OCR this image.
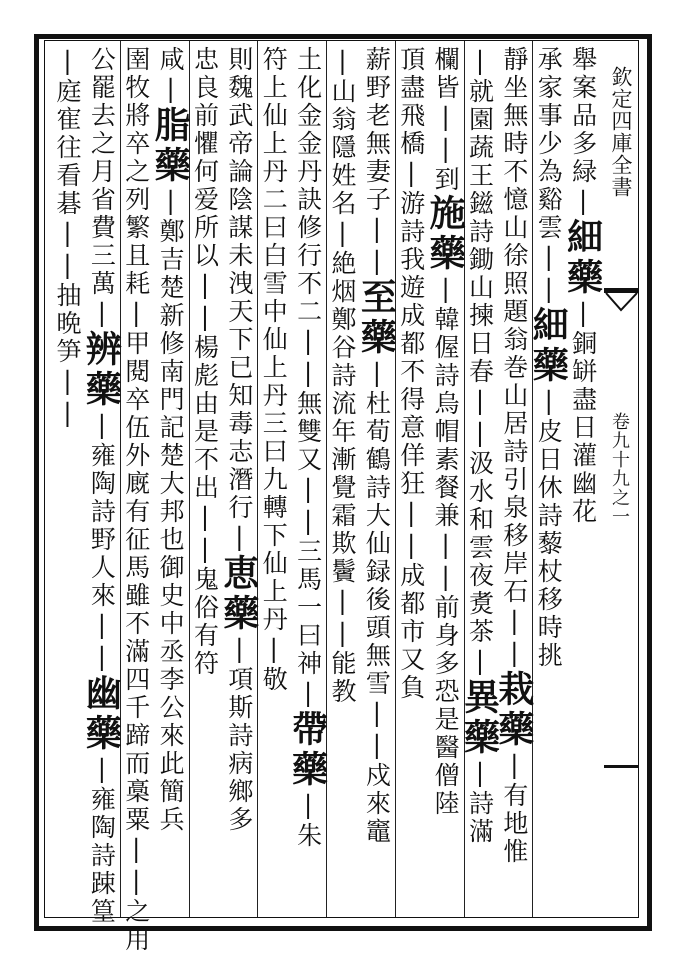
欽定四庫全書
卷九十九之一
舉案品多緑|細藥|銅缾盡日灌幽花
承家事少為谿雲||細藥|皮日休詩藜杖移時挑
靜坐無時不憶山徐照題翁巻山居詩引泉移岸石||栽藥|有地惟
|就園蔬王鎡詩鋤山揀日春||汲水和雲夜煑茶|異藥|詩滿
欄皆||到施藥|韓偓詩烏帽素餐兼||前身多恐是醫僧陸
頂盡飛橋|游詩我遊成都不得意佯狂||成都市又負
薪野老無妻子||至藥|杜荀鶴詩大仙録後頭無雪||戍來竈
|山翁隱姓名|絶烟鄭谷詩流年漸覺霜欺鬢||能教
土化金金丹訣修行不二||無雙又||三馬一曰神|帶藥|朱
符上仙上丹二曰白雪中仙上丹三曰九轉下仙上丹|敬
則魏武帝論陰謀未洩天下已知毒志潛行|恵藥|項斯詩病鄉多
忠良前懼何爱所以||楊彪由是不出||鬼俗有符
咸|脂藥|鄭吉楚新修南門記楚大邦也御史中丞李公來此簡兵
圉牧將卒之列繁且耗|甲閱卒伍外廐有征馬雖不滿四千蹄而槀粟||之用
公罷去之月省費三萬|辨藥|雍陶詩野人來||幽藥|雍陶詩踈篁
|庭寉往看碁||抽晩笋||
